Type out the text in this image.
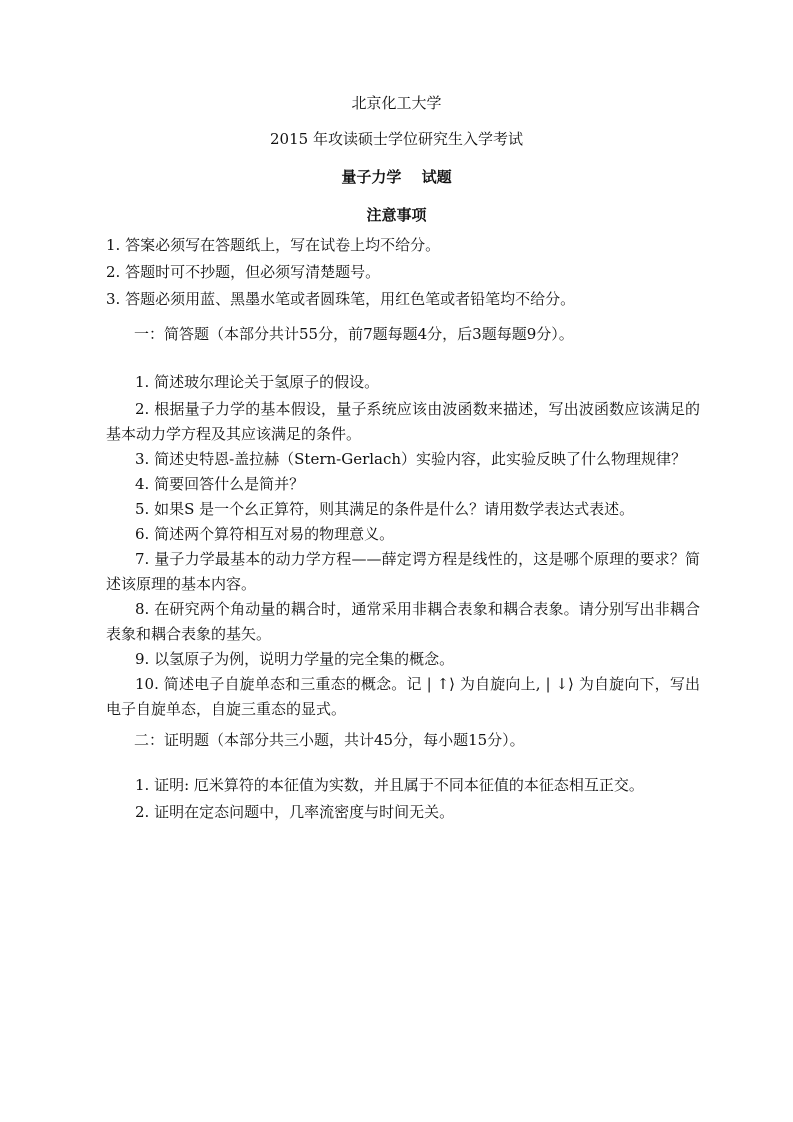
北京化工大学
2015 年攻读硕士学位研究生入学考试
量子力学　 试题
注意事项

1. 答案必须写在答题纸上，写在试卷上均不给分。

2. 答题时可不抄题，但必须写清楚题号。

3. 答题必须用蓝、黑墨水笔或者圆珠笔，用红色笔或者铅笔均不给分。

一：简答题（本部分共计55分，前7题每题4分，后3题每题9分）。

1. 简述玻尔理论关于氢原子的假设。

2. 根据量子力学的基本假设，量子系统应该由波函数来描述，写出波函数应该满足的基本动力学方程及其应该满足的条件。

3. 简述史特恩-盖拉赫（Stern-Gerlach）实验内容，此实验反映了什么物理规律？

4. 简要回答什么是简并？

5. 如果S 是一个幺正算符，则其满足的条件是什么？请用数学表达式表述。

6. 简述两个算符相互对易的物理意义。

7. 量子力学最基本的动力学方程——薛定谔方程是线性的，这是哪个原理的要求？简述该原理的基本内容。

8. 在研究两个角动量的耦合时，通常采用非耦合表象和耦合表象。请分别写出非耦合表象和耦合表象的基矢。

9. 以氢原子为例，说明力学量的完全集的概念。

10. 简述电子自旋单态和三重态的概念。记 | ↑⟩ 为自旋向上, | ↓⟩ 为自旋向下，写出电子自旋单态，自旋三重态的显式。

二：证明题（本部分共三小题，共计45分，每小题15分）。

1. 证明: 厄米算符的本征值为实数，并且属于不同本征值的本征态相互正交。

2. 证明在定态问题中，几率流密度与时间无关。
